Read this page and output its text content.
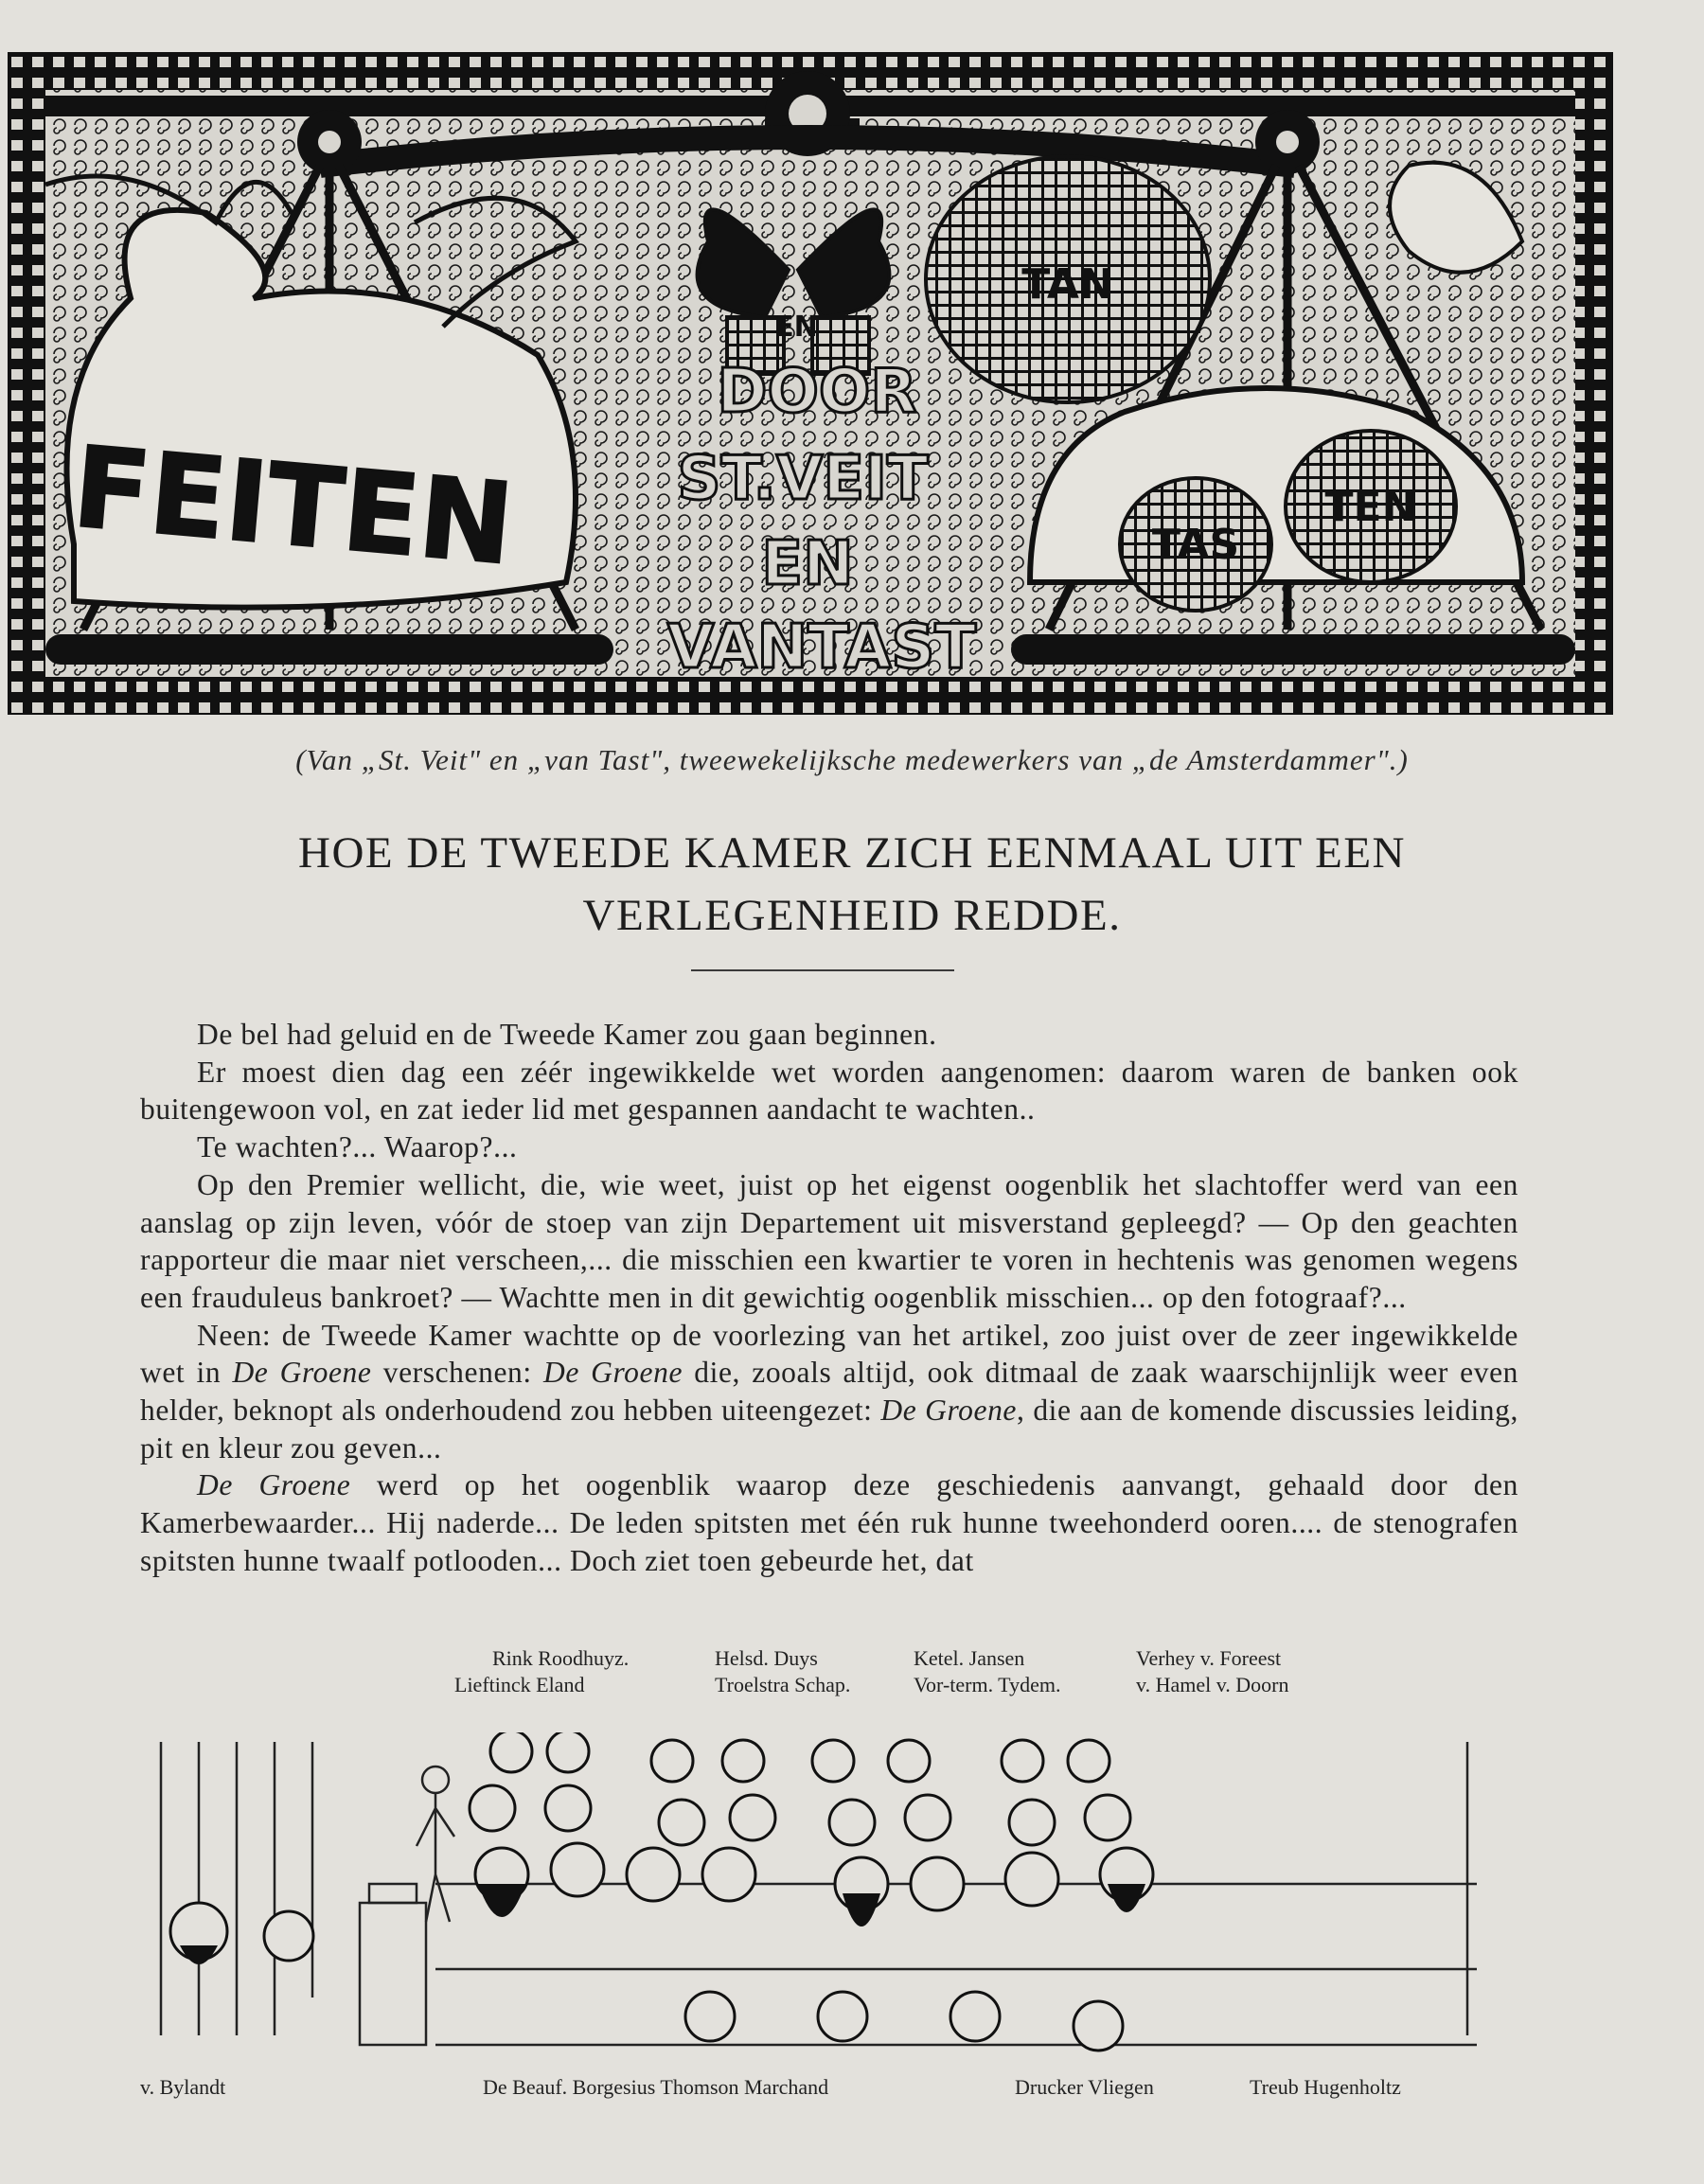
FEITEN
DOOR
ST.VEIT
EN
VANTAST
EN
TAN
TAS
TEN
(Van „St. Veit" en „van Tast", tweewekelijksche medewerkers van „de Amsterdammer".)
HOE DE TWEEDE KAMER ZICH EENMAAL UIT EEN
VERLEGENHEID REDDE.

De bel had geluid en de Tweede Kamer zou gaan beginnen.

Er moest dien dag een zéér ingewikkelde wet worden aangenomen: daarom waren de banken ook buitengewoon vol, en zat ieder lid met gespannen aandacht te wachten..

Te wachten?... Waarop?...

Op den Premier wellicht, die, wie weet, juist op het eigenst oogenblik het slachtoffer werd van een aanslag op zijn leven, vóór de stoep van zijn Departement uit misverstand gepleegd? — Op den geachten rapporteur die maar niet verscheen,... die misschien een kwartier te voren in hechtenis was genomen wegens een frauduleus bankroet? — Wachtte men in dit gewichtig oogenblik misschien... op den fotograaf?...

Neen: de Tweede Kamer wachtte op de voorlezing van het artikel, zoo juist over de zeer ingewikkelde wet in De Groene verschenen: De Groene die, zooals altijd, ook ditmaal de zaak waarschijnlijk weer even helder, beknopt als onderhoudend zou hebben uiteengezet: De Groene, die aan de komende discussies leiding, pit en kleur zou geven...

De Groene werd op het oogenblik waarop deze geschiedenis aanvangt, gehaald door den Kamerbewaarder... Hij naderde... De leden spitsten met één ruk hunne tweehonderd ooren.... de stenografen spitsten hunne twaalf potlooden... Doch ziet toen gebeurde het, dat

Rink Roodhuyz.	Helsd. Duys	Ketel. Jansen	Verhey v. Foreest
Lieftinck Eland	Troelstra Schap.	Vor-term. Tydem.	v. Hamel v. Doorn
v. Bylandt	De Beauf. Borgesius Thomson Marchand	Drucker Vliegen	Treub Hugenholtz
